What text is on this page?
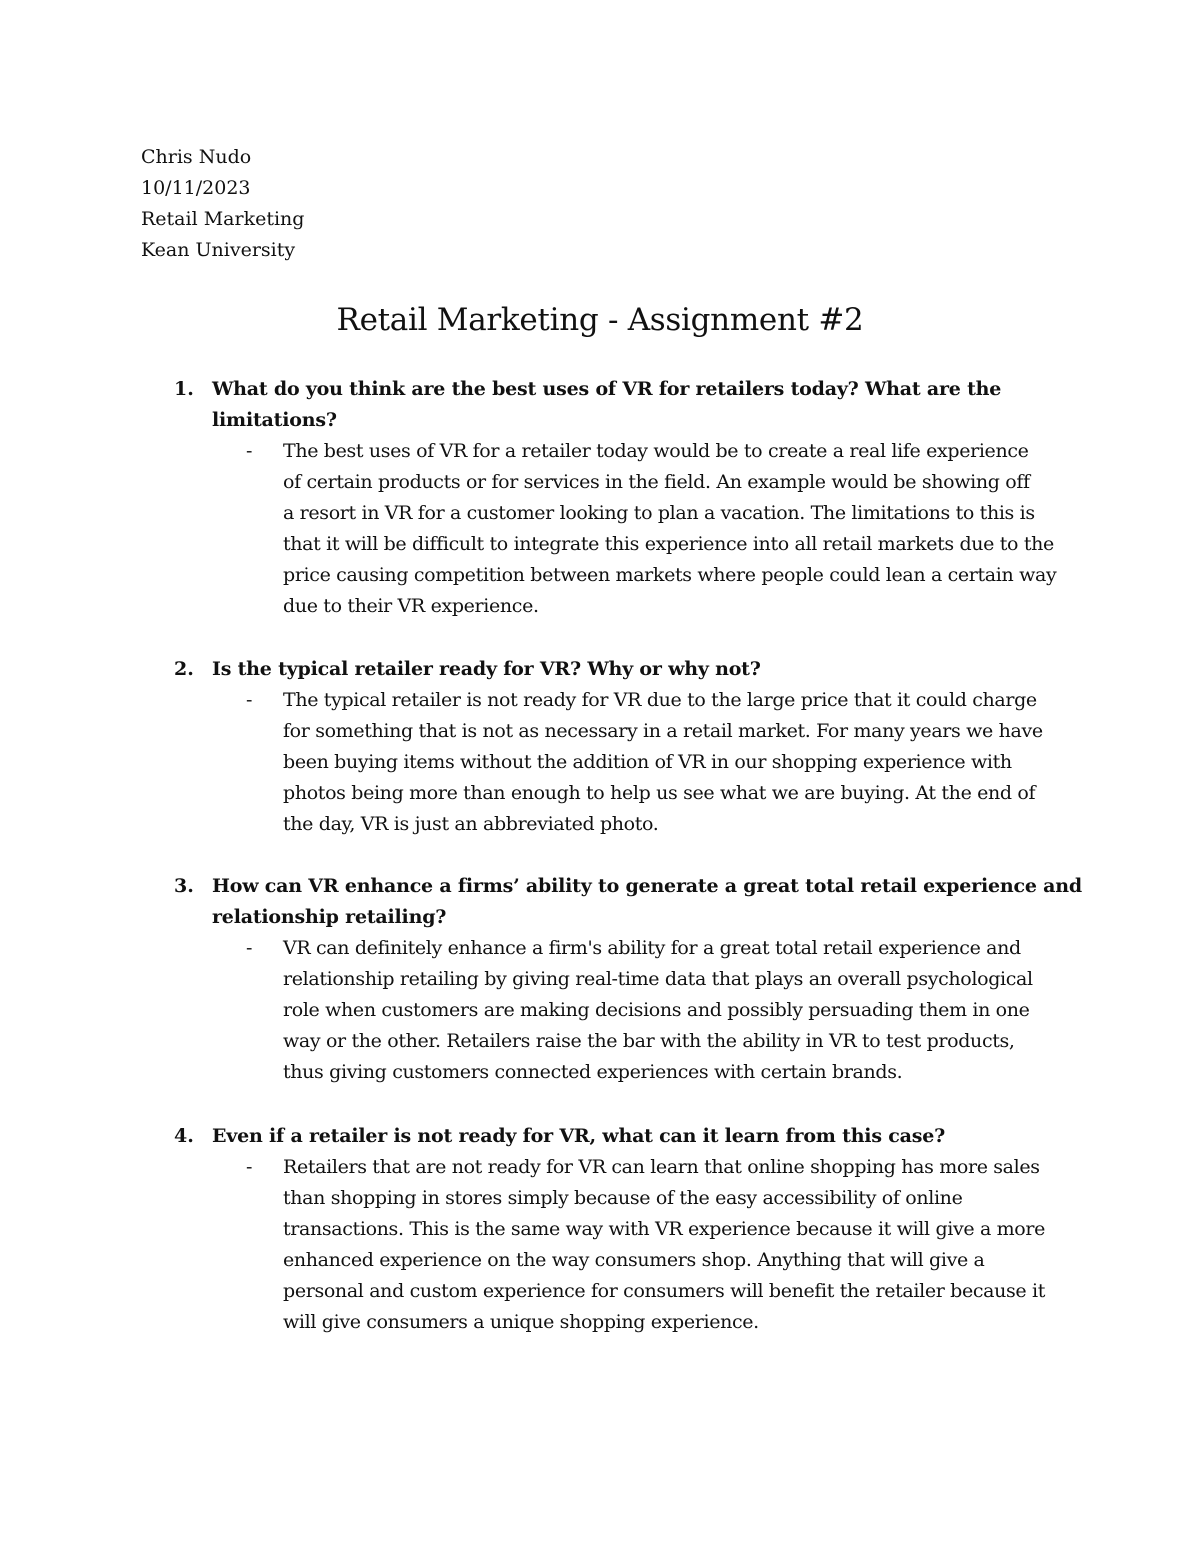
Chris Nudo
10/11/2023
Retail Marketing
Kean University
Retail Marketing - Assignment #2
1. What do you think are the best uses of VR for retailers today? What are the
limitations?
- The best uses of VR for a retailer today would be to create a real life experience
of certain products or for services in the field. An example would be showing off
a resort in VR for a customer looking to plan a vacation. The limitations to this is
that it will be difficult to integrate this experience into all retail markets due to the
price causing competition between markets where people could lean a certain way
due to their VR experience.
2. Is the typical retailer ready for VR? Why or why not?
- The typical retailer is not ready for VR due to the large price that it could charge
for something that is not as necessary in a retail market. For many years we have
been buying items without the addition of VR in our shopping experience with
photos being more than enough to help us see what we are buying. At the end of
the day, VR is just an abbreviated photo.
3. How can VR enhance a firms’ ability to generate a great total retail experience and
relationship retailing?
- VR can definitely enhance a firm's ability for a great total retail experience and
relationship retailing by giving real-time data that plays an overall psychological
role when customers are making decisions and possibly persuading them in one
way or the other. Retailers raise the bar with the ability in VR to test products,
thus giving customers connected experiences with certain brands.
4. Even if a retailer is not ready for VR, what can it learn from this case?
- Retailers that are not ready for VR can learn that online shopping has more sales
than shopping in stores simply because of the easy accessibility of online
transactions. This is the same way with VR experience because it will give a more
enhanced experience on the way consumers shop. Anything that will give a
personal and custom experience for consumers will benefit the retailer because it
will give consumers a unique shopping experience.
